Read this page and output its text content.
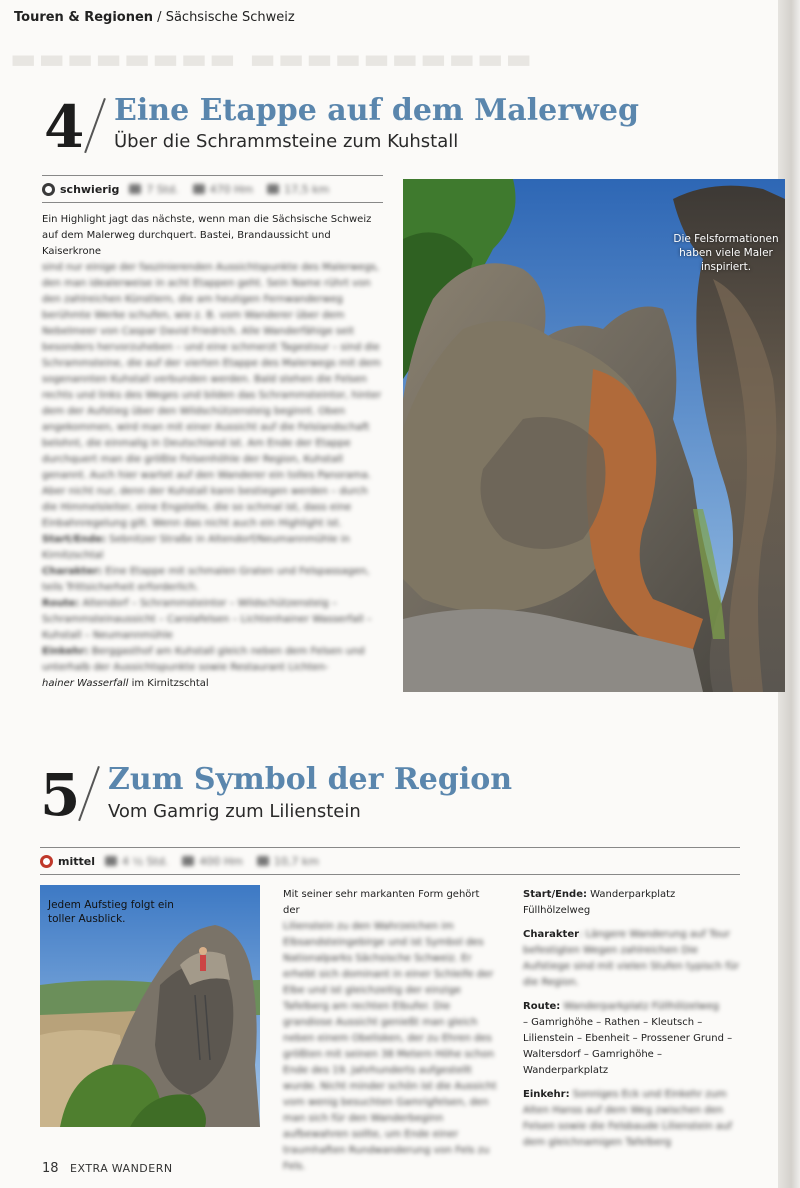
▬▬▬▬▬▬▬▬ ▬▬▬▬▬▬▬▬▬▬
Touren & Regionen / Sächsische Schweiz
4 Eine Etappe auf dem Malerweg
Über die Schrammsteine zum Kuhstall
schwierig 7 Std.	470 Hm	17,5 km

Ein Highlight jagt das nächste, wenn man die Sächsische Schweiz auf dem Malerweg durchquert. Bastei, Brandaussicht und Kaiserkrone

sind nur einige der faszinierenden Aussichtspunkte des Malerwegs, den man idealerweise in acht Etappen geht. Sein Name rührt von den zahlreichen Künstlern, die am heutigen Fernwanderweg berühmte Werke schufen, wie z. B. vom Wanderer über dem Nebelmeer von Caspar David Friedrich. Alle Wanderfähige seit besonders hervorzuheben – und eine schmerzt Tagestour – sind die Schrammsteine, die auf der vierten Etappe des Malerwegs mit dem sogenannten Kuhstall verbunden werden. Bald stehen die Felsen rechts und links des Weges und bilden das Schrammsteintor, hinter dem der Aufstieg über den Wildschützensteig beginnt. Oben angekommen, wird man mit einer Aussicht auf die Felslandschaft belohnt, die einmalig in Deutschland ist. Am Ende der Etappe durchquert man die größte Felsenhöhle der Region, Kuhstall genannt. Auch hier wartet auf den Wanderer ein tolles Panorama. Aber nicht nur, denn der Kuhstall kann bestiegen werden – durch die Himmelsleiter, eine Engstelle, die so schmal ist, dass eine Einbahnregelung gilt. Wenn das nicht auch ein Highlight ist.

Start/Ende: Sebnitzer Straße in Altendorf/Neumannmühle in Kirnitzschtal

Charakter: Eine Etappe mit schmalen Graten und Felspassagen, teils Trittsicherheit erforderlich.

Route: Altendorf – Schrammsteintor – Wildschützensteig – Schrammsteinaussicht – Carolafelsen – Lichtenhainer Wasserfall – Kuhstall – Neumannmühle

Einkehr: Berggasthof am Kuhstall gleich neben dem Felsen und unterhalb der Aussichtspunkte sowie Restaurant Lichten-

hainer Wasserfall im Kirnitzschtal

Die Felsformationen haben viele Maler inspiriert.
5 Zum Symbol der Region
Vom Gamrig zum Lilienstein
mittel 4 ½ Std.	400 Hm	10,7 km
Jedem Aufstieg folgt ein toller Ausblick.

Mit seiner sehr markanten Form gehört der

Lilienstein zu den Wahrzeichen im Elbsandsteingebirge und ist Symbol des Nationalparks Sächsische Schweiz. Er erhebt sich dominant in einer Schleife der Elbe und ist gleichzeitig der einzige Tafelberg am rechten Elbufer. Die grandiose Aussicht genießt man gleich neben einem Obelisken, der zu Ehren des größten mit seinen 38 Metern Höhe schon Ende des 19. Jahrhunderts aufgestellt wurde. Nicht minder schön ist die Aussicht vom wenig besuchten Gamrigfelsen, den man sich für den Wanderbeginn aufbewahren sollte, um Ende einer traumhaften Rundwanderung von Fels zu Fels.

Start/Ende: Wanderparkplatz Füllhölzelweg

Charakter: Längere Wanderung auf Tour befestigten Wegen zahlreichen Die Aufstiege sind mit vielen Stufen typisch für die Region.

Route: Wanderparkplatz Füllhölzelweg
– Gamrighöhe – Rathen – Kleutsch –
Lilienstein – Ebenheit – Prossener Grund –
Waltersdorf – Gamrighöhe – Wanderparkplatz

Einkehr: Sonniges Eck und Einkehr zum Alten Hanss auf dem Weg zwischen den Felsen sowie die Felsbaude Lilienstein auf dem gleichnamigen Tafelberg

18 EXTRA WANDERN
